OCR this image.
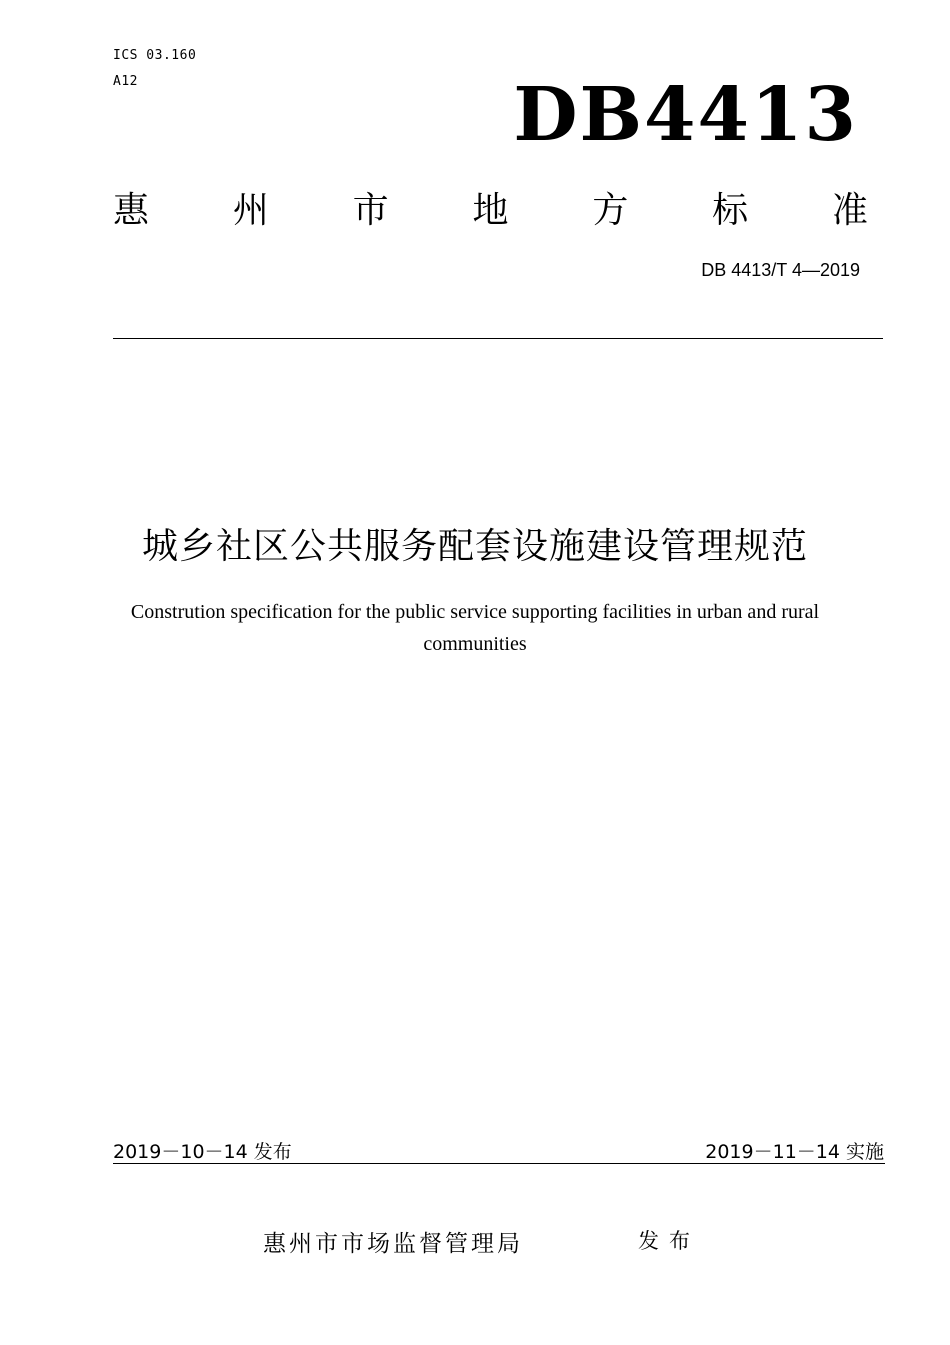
ICS 03.160
A12	DB4413
惠 州 市 地 方 标 准
DB 4413/T 4—2019
城乡社区公共服务配套设施建设管理规范
Constrution specification for the public service supporting facilities in urban and rural communities
2019－10－14 发布	2019－11－14 实施
惠州市市场监督管理局	发布
